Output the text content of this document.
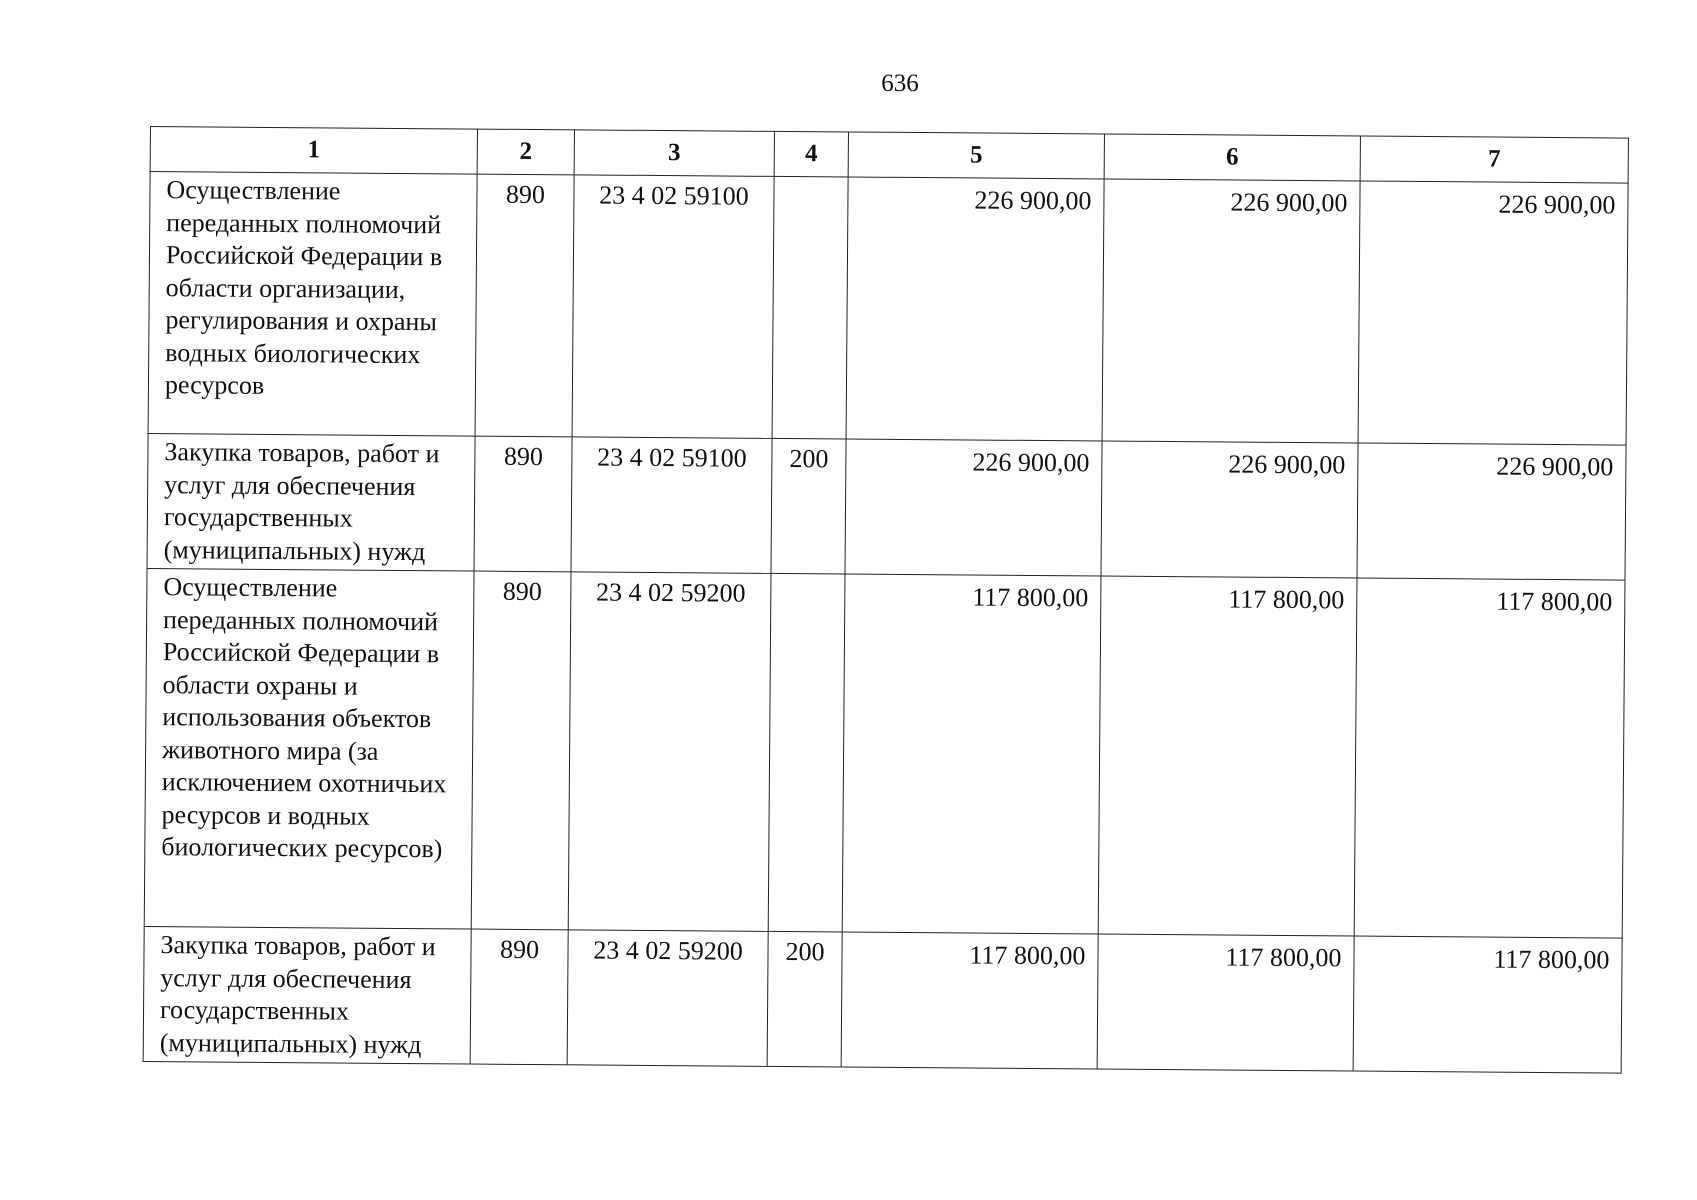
636
1	2	3	4	5	6	7
Осуществление переданных полномочий Российской Федерации в области организации, регулирования и охраны водных биологических ресурсов	890	23 4 02 59100		226 900,00	226 900,00	226 900,00
Закупка товаров, работ и услуг для обеспечения государственных (муниципальных) нужд	890	23 4 02 59100	200	226 900,00	226 900,00	226 900,00
Осуществление переданных полномочий Российской Федерации в области охраны и использования объектов животного мира (за исключением охотничьих ресурсов и водных биологических ресурсов)	890	23 4 02 59200		117 800,00	117 800,00	117 800,00
Закупка товаров, работ и услуг для обеспечения государственных (муниципальных) нужд	890	23 4 02 59200	200	117 800,00	117 800,00	117 800,00
